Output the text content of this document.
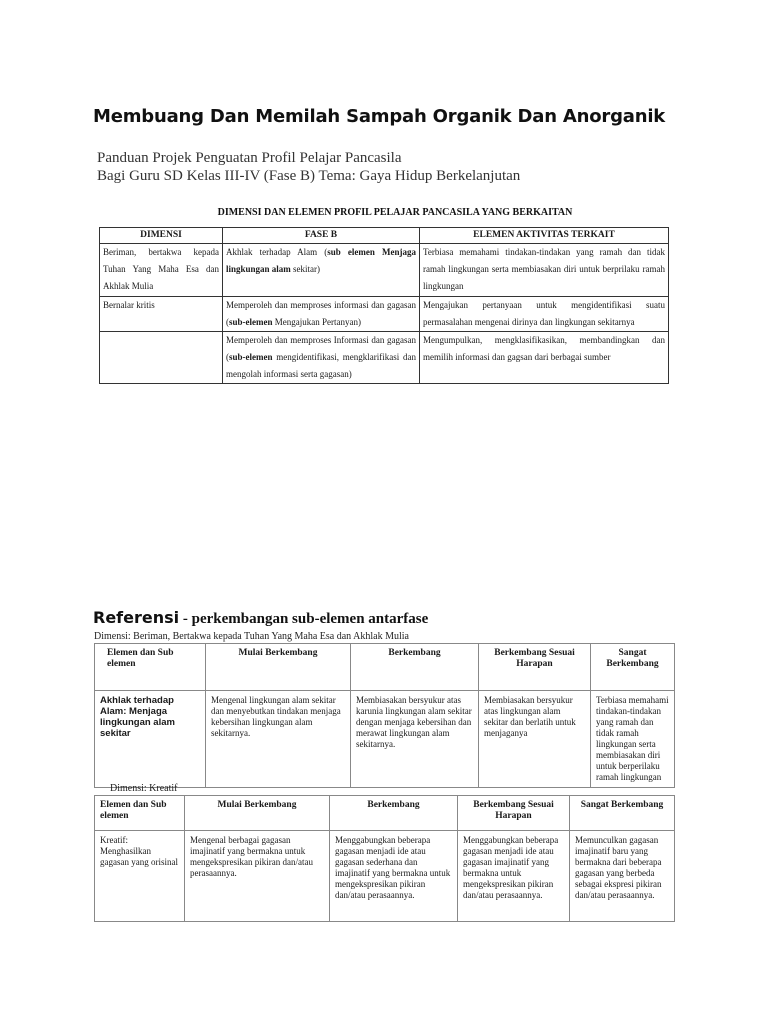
Membuang Dan Memilah Sampah Organik Dan Anorganik

Panduan Projek Penguatan Profil Pelajar Pancasila

Bagi Guru SD Kelas III-IV (Fase B) Tema: Gaya Hidup Berkelanjutan

DIMENSI DAN ELEMEN PROFIL PELAJAR PANCASILA YANG BERKAITAN
DIMENSI	FASE B	ELEMEN AKTIVITAS TERKAIT
Beriman, bertakwa kepada Tuhan Yang Maha Esa dan Akhlak Mulia	Akhlak terhadap Alam (sub elemen Menjaga lingkungan alam sekitar)	Terbiasa memahami tindakan-tindakan yang ramah dan tidak ramah lingkungan serta membiasakan diri untuk berprilaku ramah lingkungan
Bernalar kritis	Memperoleh dan memproses informasi dan gagasan (sub-elemen Mengajukan Pertanyan)	Mengajukan pertanyaan untuk mengidentifikasi suatu permasalahan mengenai dirinya dan lingkungan sekitarnya
	Memperoleh dan memproses Informasi dan gagasan (sub-elemen mengidentifikasi, mengklarifikasi dan mengolah informasi serta gagasan)	Mengumpulkan, mengklasifikasikan, membandingkan dan memilih informasi dan gagsan dari berbagai sumber
Referensi - perkembangan sub-elemen antarfase
Dimensi: Beriman, Bertakwa kepada Tuhan Yang Maha Esa dan Akhlak Mulia
Elemen dan Sub elemen	Mulai Berkembang	Berkembang	Berkembang Sesuai Harapan	Sangat Berkembang
Akhlak terhadap Alam: Menjaga lingkungan alam sekitar	Mengenal lingkungan alam sekitar dan menyebutkan tindakan menjaga kebersihan lingkungan alam sekitarnya.	Membiasakan bersyukur atas karunia lingkungan alam sekitar dengan menjaga kebersihan dan merawat lingkungan alam sekitarnya.	Membiasakan bersyukur atas lingkungan alam sekitar dan berlatih untuk menjaganya	Terbiasa memahami tindakan-tindakan yang ramah dan tidak ramah lingkungan serta membiasakan diri untuk berperilaku ramah lingkungan
Dimensi: Kreatif
Elemen dan Sub elemen	Mulai Berkembang	Berkembang	Berkembang Sesuai Harapan	Sangat Berkembang
Kreatif: Menghasilkan gagasan yang orisinal	Mengenal berbagai gagasan imajinatif yang bermakna untuk mengekspresikan pikiran dan/atau perasaannya.	Menggabungkan beberapa gagasan menjadi ide atau gagasan sederhana dan imajinatif yang bermakna untuk mengekspresikan pikiran dan/atau perasaannya.	Menggabungkan beberapa gagasan menjadi ide atau gagasan imajinatif yang bermakna untuk mengekspresikan pikiran dan/atau perasaannya.	Memunculkan gagasan imajinatif baru yang bermakna dari beberapa gagasan yang berbeda sebagai ekspresi pikiran dan/atau perasaannya.
